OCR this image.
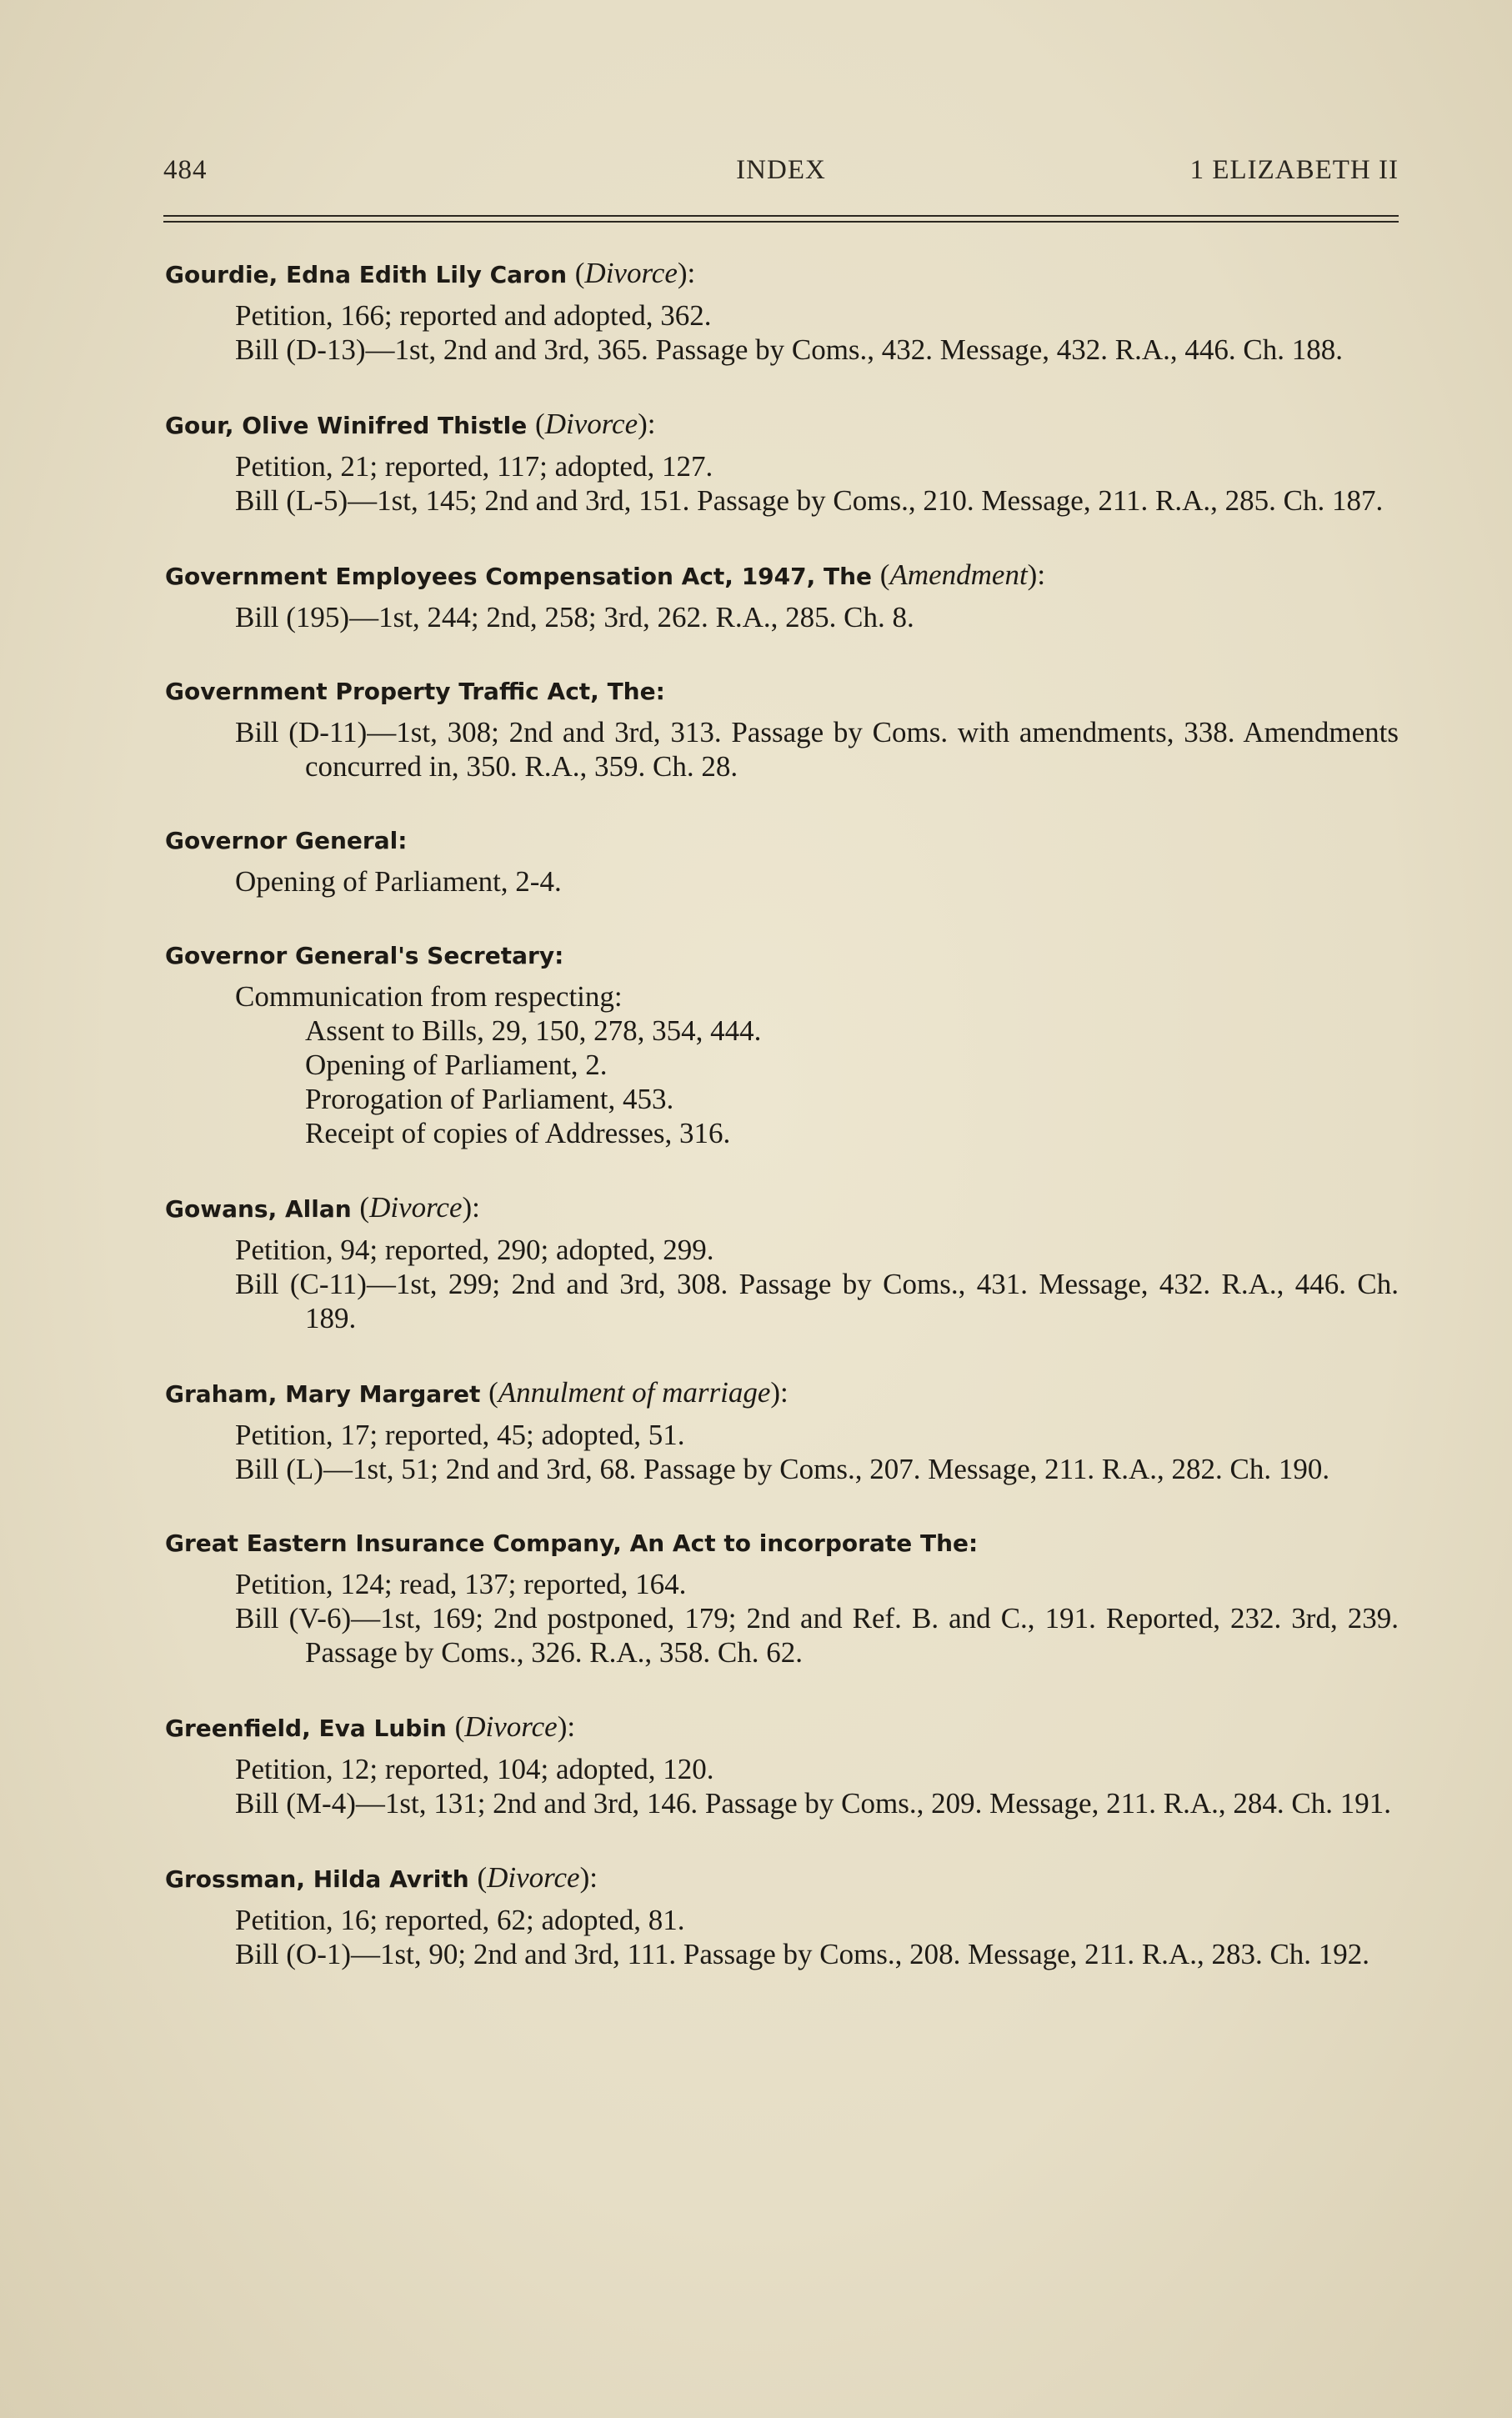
484	INDEX	1 ELIZABETH II
Gourdie, Edna Edith Lily Caron (Divorce):
Petition, 166; reported and adopted, 362.
Bill (D-13)—1st, 2nd and 3rd, 365. Passage by Coms., 432. Message, 432. R.A., 446. Ch. 188.
Gour, Olive Winifred Thistle (Divorce):
Petition, 21; reported, 117; adopted, 127.
Bill (L-5)—1st, 145; 2nd and 3rd, 151. Passage by Coms., 210. Message, 211. R.A., 285. Ch. 187.
Government Employees Compensation Act, 1947, The (Amendment):
Bill (195)—1st, 244; 2nd, 258; 3rd, 262. R.A., 285. Ch. 8.
Government Property Traffic Act, The:
Bill (D-11)—1st, 308; 2nd and 3rd, 313. Passage by Coms. with amendments, 338. Amendments concurred in, 350. R.A., 359. Ch. 28.
Governor General:
Opening of Parliament, 2-4.
Governor General's Secretary:
Communication from respecting:
Assent to Bills, 29, 150, 278, 354, 444.
Opening of Parliament, 2.
Prorogation of Parliament, 453.
Receipt of copies of Addresses, 316.
Gowans, Allan (Divorce):
Petition, 94; reported, 290; adopted, 299.
Bill (C-11)—1st, 299; 2nd and 3rd, 308. Passage by Coms., 431. Message, 432. R.A., 446. Ch. 189.
Graham, Mary Margaret (Annulment of marriage):
Petition, 17; reported, 45; adopted, 51.
Bill (L)—1st, 51; 2nd and 3rd, 68. Passage by Coms., 207. Message, 211. R.A., 282. Ch. 190.
Great Eastern Insurance Company, An Act to incorporate The:
Petition, 124; read, 137; reported, 164.
Bill (V-6)—1st, 169; 2nd postponed, 179; 2nd and Ref. B. and C., 191. Reported, 232. 3rd, 239. Passage by Coms., 326. R.A., 358. Ch. 62.
Greenfield, Eva Lubin (Divorce):
Petition, 12; reported, 104; adopted, 120.
Bill (M-4)—1st, 131; 2nd and 3rd, 146. Passage by Coms., 209. Message, 211. R.A., 284. Ch. 191.
Grossman, Hilda Avrith (Divorce):
Petition, 16; reported, 62; adopted, 81.
Bill (O-1)—1st, 90; 2nd and 3rd, 111. Passage by Coms., 208. Message, 211. R.A., 283. Ch. 192.
